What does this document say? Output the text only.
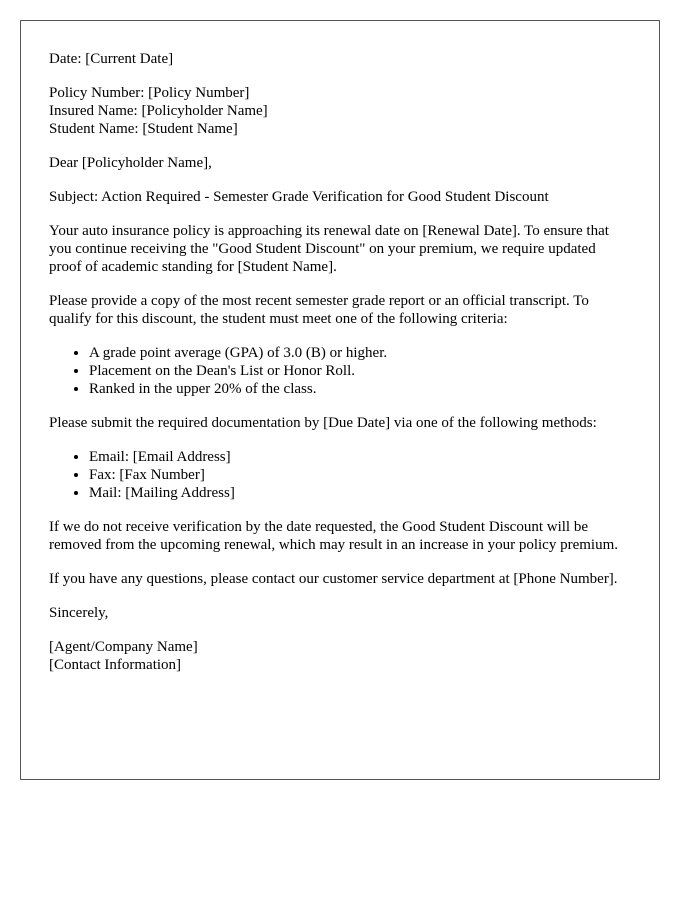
Date: [Current Date]

Policy Number: [Policy Number]
Insured Name: [Policyholder Name]
Student Name: [Student Name]

Dear [Policyholder Name],

Subject: Action Required - Semester Grade Verification for Good Student Discount

Your auto insurance policy is approaching its renewal date on [Renewal Date]. To ensure that you continue receiving the "Good Student Discount" on your premium, we require updated proof of academic standing for [Student Name].

Please provide a copy of the most recent semester grade report or an official transcript. To qualify for this discount, the student must meet one of the following criteria:

• A grade point average (GPA) of 3.0 (B) or higher.
• Placement on the Dean's List or Honor Roll.
• Ranked in the upper 20% of the class.

Please submit the required documentation by [Due Date] via one of the following methods:

• Email: [Email Address]
• Fax: [Fax Number]
• Mail: [Mailing Address]

If we do not receive verification by the date requested, the Good Student Discount will be removed from the upcoming renewal, which may result in an increase in your policy premium.

If you have any questions, please contact our customer service department at [Phone Number].

Sincerely,

[Agent/Company Name]
[Contact Information]
